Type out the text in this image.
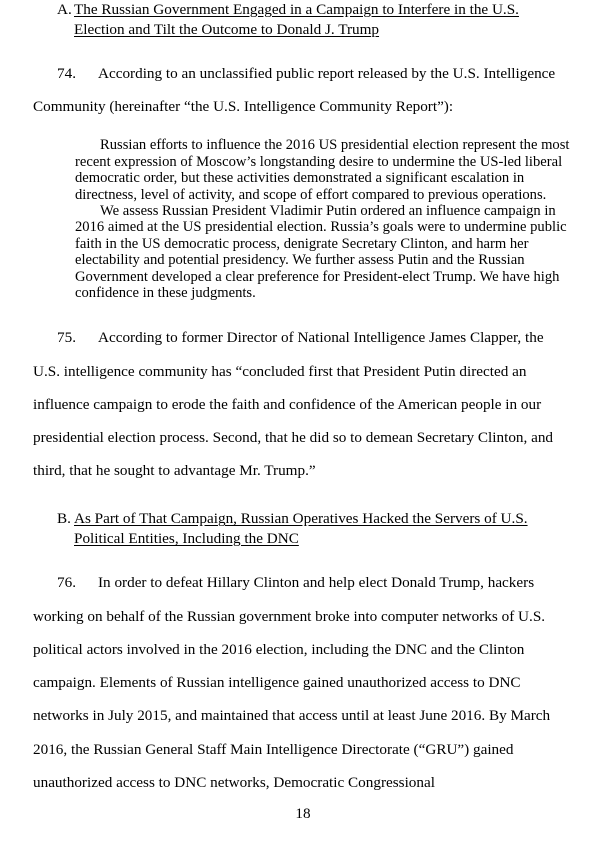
A. The Russian Government Engaged in a Campaign to Interfere in the U.S. Election and Tilt the Outcome to Donald J. Trump

74. According to an unclassified public report released by the U.S. Intelligence Community (hereinafter “the U.S. Intelligence Community Report”):

Russian efforts to influence the 2016 US presidential election represent the most recent expression of Moscow’s longstanding desire to undermine the US-led liberal democratic order, but these activities demonstrated a significant escalation in directness, level of activity, and scope of effort compared to previous operations.

We assess Russian President Vladimir Putin ordered an influence campaign in 2016 aimed at the US presidential election. Russia’s goals were to undermine public faith in the US democratic process, denigrate Secretary Clinton, and harm her electability and potential presidency. We further assess Putin and the Russian Government developed a clear preference for President-elect Trump. We have high confidence in these judgments.

75. According to former Director of National Intelligence James Clapper, the U.S. intelligence community has “concluded first that President Putin directed an influence campaign to erode the faith and confidence of the American people in our presidential election process. Second, that he did so to demean Secretary Clinton, and third, that he sought to advantage Mr. Trump.”

B. As Part of That Campaign, Russian Operatives Hacked the Servers of U.S. Political Entities, Including the DNC

76. In order to defeat Hillary Clinton and help elect Donald Trump, hackers working on behalf of the Russian government broke into computer networks of U.S. political actors involved in the 2016 election, including the DNC and the Clinton campaign. Elements of Russian intelligence gained unauthorized access to DNC networks in July 2015, and maintained that access until at least June 2016. By March 2016, the Russian General Staff Main Intelligence Directorate (“GRU”) gained unauthorized access to DNC networks, Democratic Congressional

18
